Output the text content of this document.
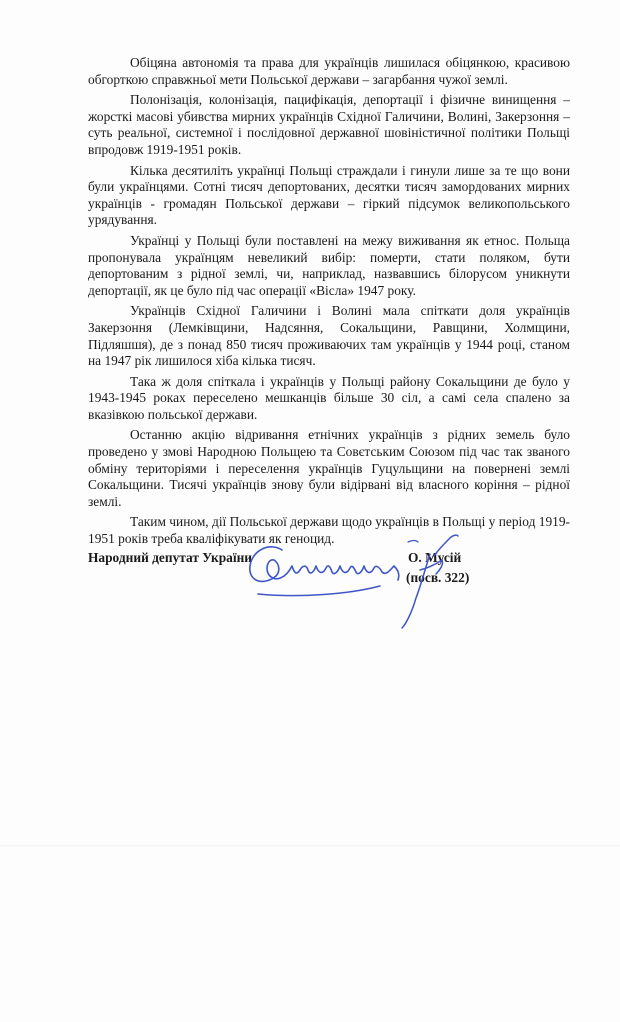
Обіцяна автономія та права для українців лишилася обіцянкою, красивою обгорткою справжньої мети Польської держави – загарбання чужої землі.

Полонізація, колонізація, пацифікація, депортації і фізичне винищення – жорсткі масові убивства мирних українців Східної Галичини, Волині, Закерзоння – суть реальної, системної і послідовної державної шовіністичної політики Польщі впродовж 1919-1951 років.

Кілька десятиліть українці Польщі страждали і гинули лише за те що вони були українцями. Сотні тисяч депортованих, десятки тисяч замордованих мирних українців - громадян Польської держави – гіркий підсумок великопольського урядування.

Українці у Польщі були поставлені на межу виживання як етнос. Польща пропонувала українцям невеликий вибір: померти, стати поляком, бути депортованим з рідної землі, чи, наприклад, назвавшись білорусом уникнути депортації, як це було під час операції «Вісла» 1947 року.

Українців Східної Галичини і Волині мала спіткати доля українців Закерзоння (Лемківщини, Надсяння, Сокальщини, Равщини, Холмщини, Підляшшя), де з понад 850 тисяч проживаючих там українців у 1944 році, станом на 1947 рік лишилося хіба кілька тисяч.

Така ж доля спіткала і українців у Польщі району Сокальщини де було у 1943-1945 роках переселено мешканців більше 30 сіл, а самі села спалено за вказівкою польської держави.

Останню акцію відривання етнічних українців з рідних земель було проведено у змові Народною Польщею та Совєтським Союзом під час так званого обміну територіями і переселення українців Гуцульщини на повернені землі Сокальщини. Тисячі українців знову були відірвані від власного коріння – рідної землі.

Таким чином, дії Польської держави щодо українців в Польщі у період 1919-1951 років треба кваліфікувати як геноцид.

Народний депутат України	О. Мусій
(посв. 322)
